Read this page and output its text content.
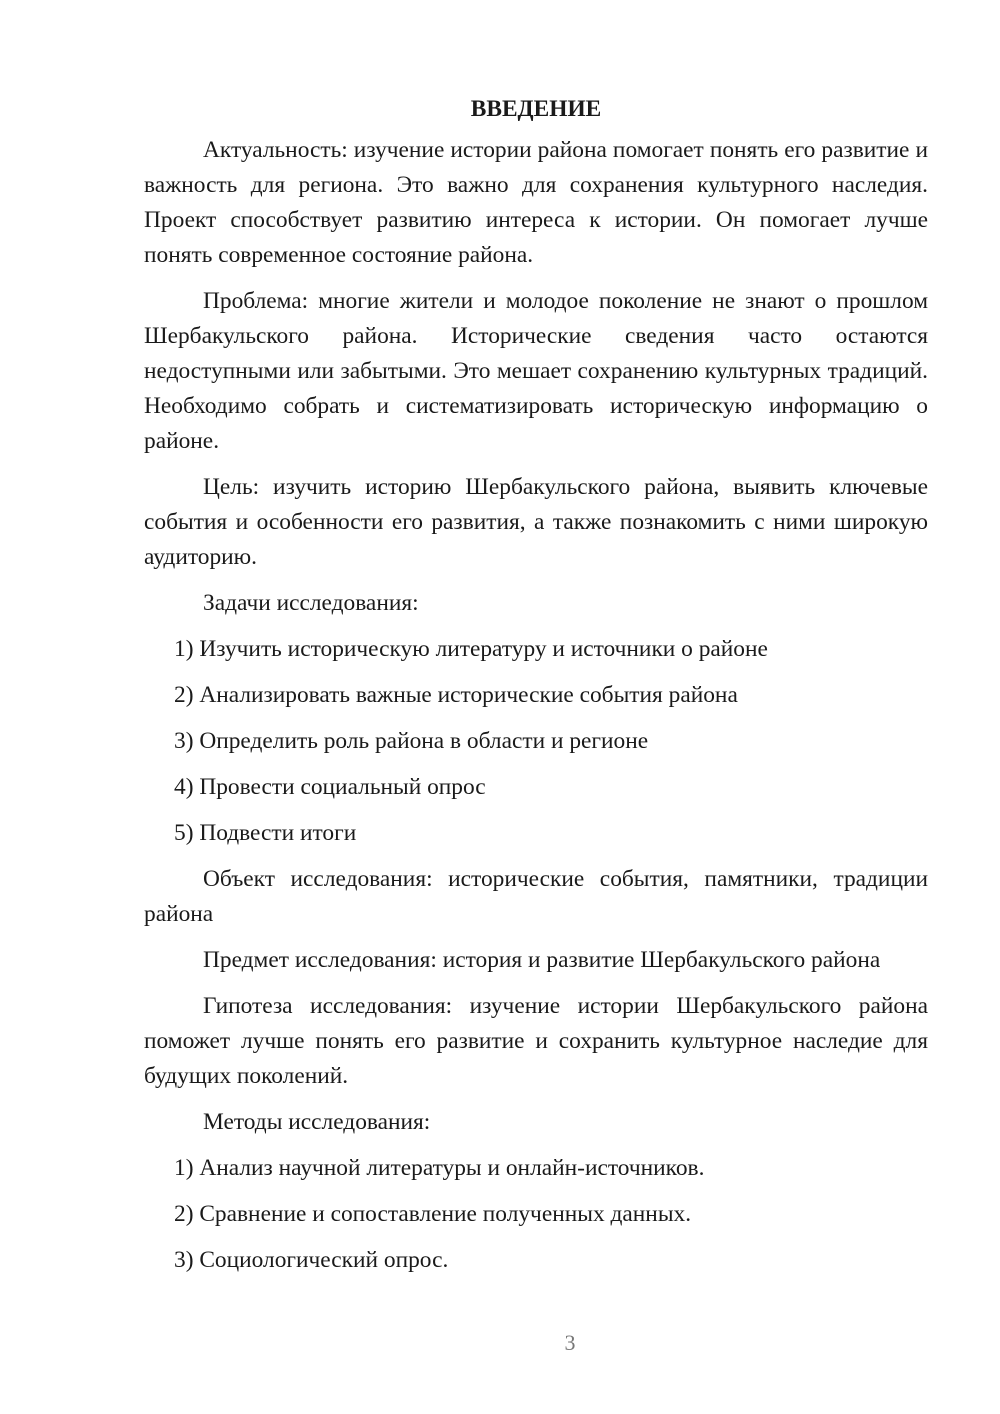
ВВЕДЕНИЕ
Актуальность: изучение истории района помогает понять его развитие и важность для региона. Это важно для сохранения культурного наследия. Проект способствует развитию интереса к истории. Он помогает лучше понять современное состояние района.
Проблема: многие жители и молодое поколение не знают о прошлом Шербакульского района. Исторические сведения часто остаются недоступными или забытыми. Это мешает сохранению культурных традиций. Необходимо собрать и систематизировать историческую информацию о районе.
Цель: изучить историю Шербакульского района, выявить ключевые события и особенности его развития, а также познакомить с ними широкую аудиторию.
Задачи исследования:
1) Изучить историческую литературу и источники о районе
2) Анализировать важные исторические события района
3) Определить роль района в области и регионе
4) Провести социальный опрос
5) Подвести итоги
Объект исследования: исторические события, памятники, традиции района
Предмет исследования: история и развитие Шербакульского района
Гипотеза исследования: изучение истории Шербакульского района поможет лучше понять его развитие и сохранить культурное наследие для будущих поколений.
Методы исследования:
1) Анализ научной литературы и онлайн-источников.
2) Сравнение и сопоставление полученных данных.
3) Социологический опрос.
3
